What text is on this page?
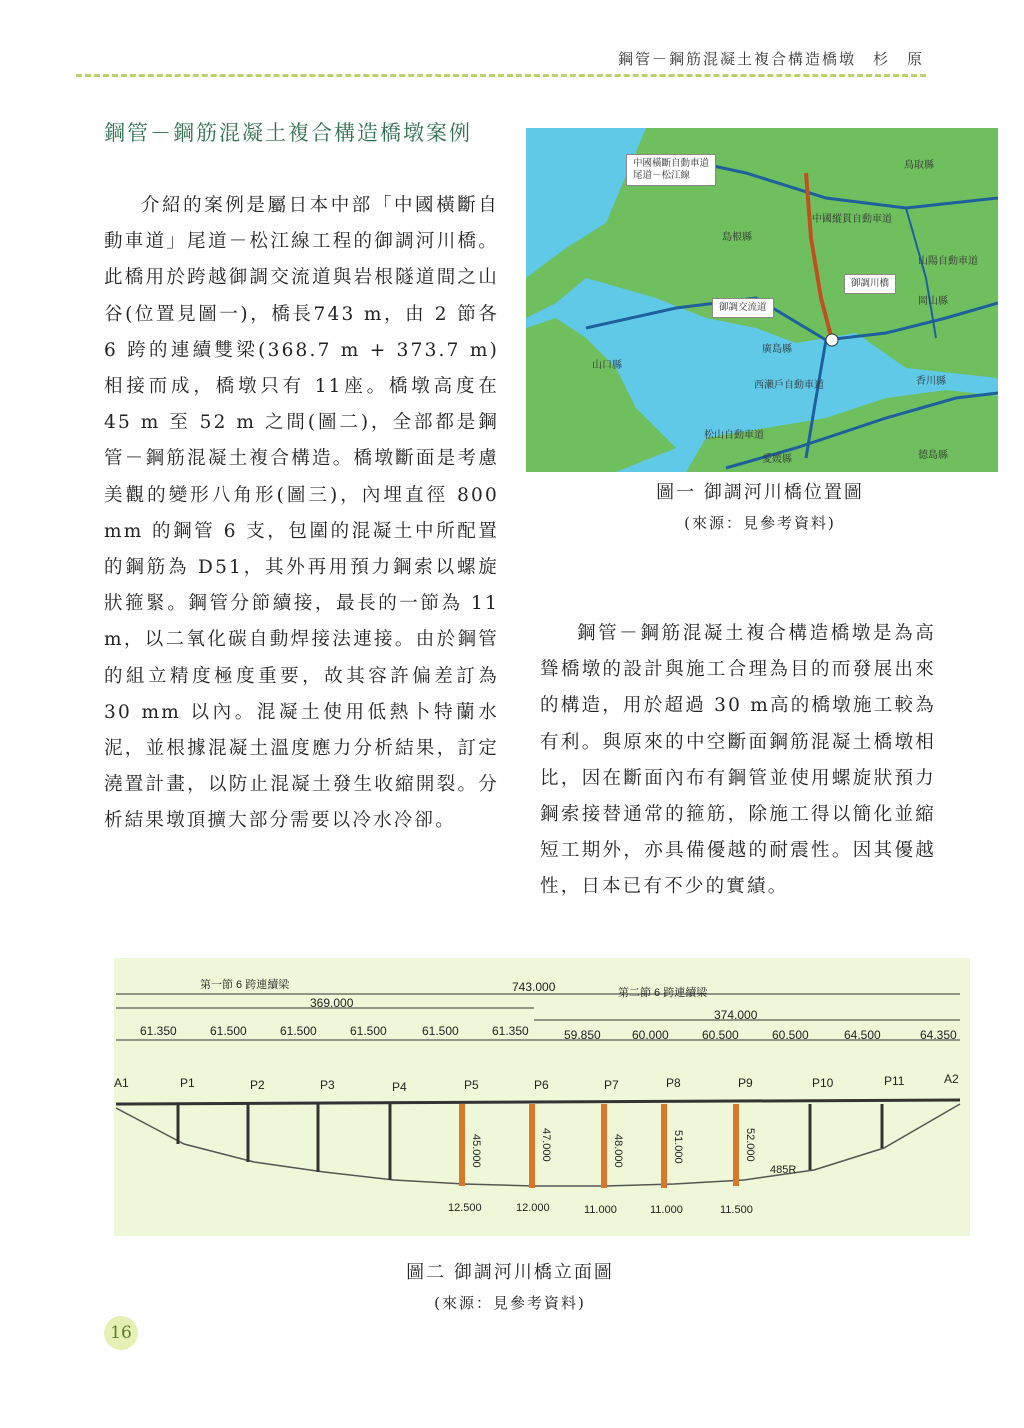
鋼管－鋼筋混凝土複合構造橋墩　杉　原
鋼管－鋼筋混凝土複合構造橋墩案例
介紹的案例是屬日本中部「中國橫斷自動車道」尾道－松江線工程的御調河川橋。此橋用於跨越御調交流道與岩根隧道間之山谷(位置見圖一)，橋長743 m，由 2 節各 6 跨的連續雙梁(368.7 m + 373.7 m)相接而成，橋墩只有 11座。橋墩高度在 45 m 至 52 m 之間(圖二)，全部都是鋼管－鋼筋混凝土複合構造。橋墩斷面是考慮美觀的變形八角形(圖三)，內埋直徑 800 mm 的鋼管 6 支，包圍的混凝土中所配置的鋼筋為 D51，其外再用預力鋼索以螺旋狀箍緊。鋼管分節續接，最長的一節為 11 m，以二氧化碳自動焊接法連接。由於鋼管的組立精度極度重要，故其容許偏差訂為 30 mm 以內。混凝土使用低熱卜特蘭水泥，並根據混凝土溫度應力分析結果，訂定澆置計畫，以防止混凝土發生收縮開裂。分析結果墩頂擴大部分需要以冷水冷卻。
中國橫斷自動車道
尾道－松江線
鳥取縣
島根縣
中國縱貫自動車道
山陽自動車道
御調川橋
岡山縣
御調交流道
山口縣
廣島縣
西瀨戶自動車道	香川縣
松山自動車道
愛媛縣	德島縣
圖一 御調河川橋位置圖
(來源：見參考資料)
鋼管－鋼筋混凝土複合構造橋墩是為高聳橋墩的設計與施工合理為目的而發展出來的構造，用於超過 30 m高的橋墩施工較為有利。與原來的中空斷面鋼筋混凝土橋墩相比，因在斷面內布有鋼管並使用螺旋狀預力鋼索接替通常的箍筋，除施工得以簡化並縮短工期外，亦具備優越的耐震性。因其優越性，日本已有不少的實績。
第一節 6 跨連續梁
第二節 6 跨連續梁
743.000
369.000
374.000
61.350	61.500	61.500	61.500	61.500	61.350	59.850	60.000	60.500	60.500	64.500	64.350
A1	P1	P2	P3	P4	P5	P6	P7	P8	P9	P10	P11	A2
45.000	47.000	48.000	51.000	52.000
12.500	12.000	11.000	11.000	11.500
485R
圖二 御調河川橋立面圖
(來源：見參考資料)
16
